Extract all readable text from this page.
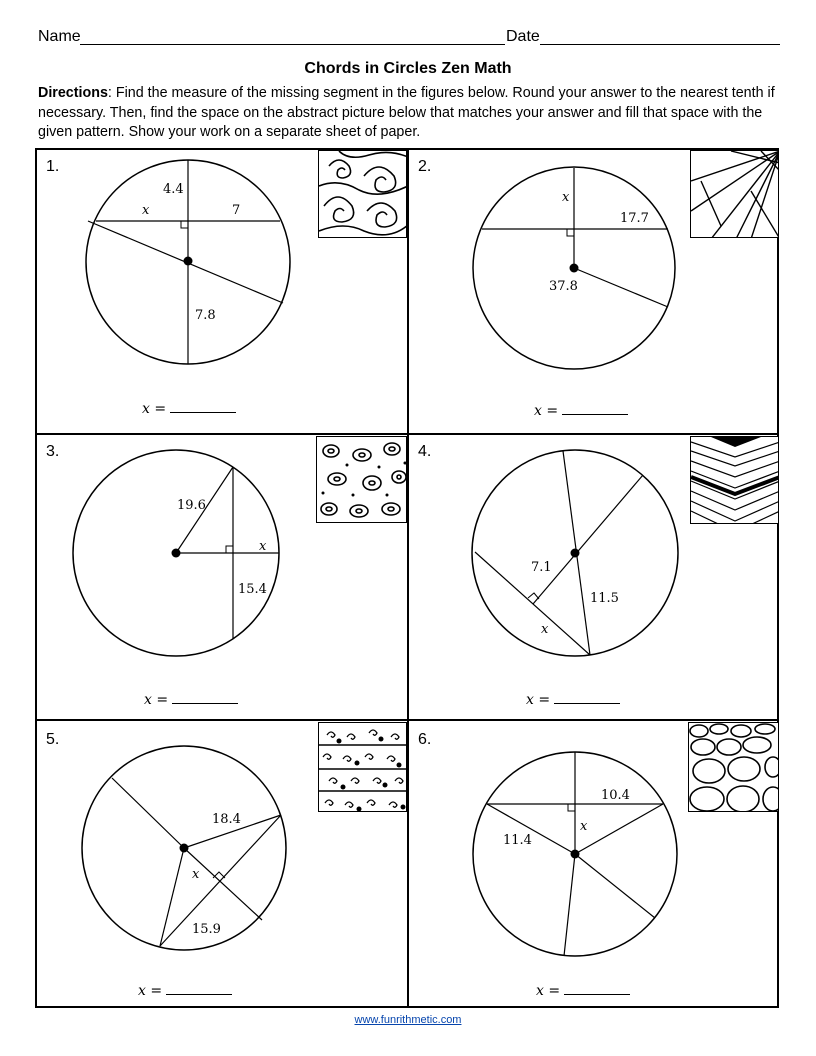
Name	Date
Chords in Circles Zen Math
Directions: Find the measure of the missing segment in the figures below. Round your answer to the nearest tenth if necessary. Then, find the space on the abstract picture below that matches your answer and fill that space with the given pattern. Show your work on a separate sheet of paper.
1.
4.4
x	7
7.8
x =
2.
x
17.7
37.8
x =
3.
19.6
x
15.4
x =
4.
7.1
11.5
x
x =
5.
18.4
x
15.9
x =
6.
10.4
x
11.4
x =
www.funrithmetic.com
